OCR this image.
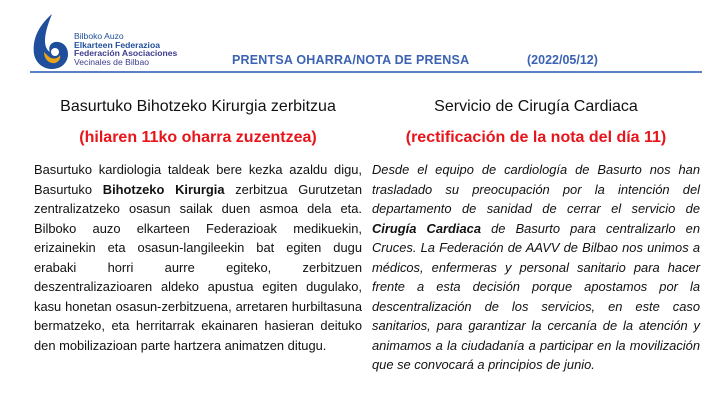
Bilboko Auzo
Elkarteen Federazioa
Federación Asociaciones
Vecinales de Bilbao	PRENTSA OHARRA/NOTA DE PRENSA	(2022/05/12)
Basurtuko Bihotzeko Kirurgia zerbitzua
(hilaren 11ko oharra zuzentzea)

Basurtuko kardiologia taldeak bere kezka azaldu digu, Basurtuko Bihotzeko Kirurgia zerbitzua Gurutzetan zentralizatzeko osasun sailak duen asmoa dela eta. Bilboko auzo elkarteen Federazioak medikuekin, erizainekin eta osasun-langileekin bat egiten dugu erabaki horri aurre egiteko, zerbitzuen deszentralizazioaren aldeko apustua egiten dugulako, kasu honetan osasun-zerbitzuena, arretaren hurbiltasuna bermatzeko, eta herritarrak ekainaren hasieran deituko den mobilizazioan parte hartzera animatzen ditugu.

Servicio de Cirugía Cardiaca
(rectificación de la nota del día 11)

Desde el equipo de cardiología de Basurto nos han trasladado su preocupación por la intención del departamento de sanidad de cerrar el servicio de Cirugía Cardiaca de Basurto para centralizarlo en Cruces. La Federación de AAVV de Bilbao nos unimos a médicos, enfermeras y personal sanitario para hacer frente a esta decisión porque apostamos por la descentralización de los servicios, en este caso sanitarios, para garantizar la cercanía de la atención y animamos a la ciudadanía a participar en la movilización que se convocará a principios de junio.
